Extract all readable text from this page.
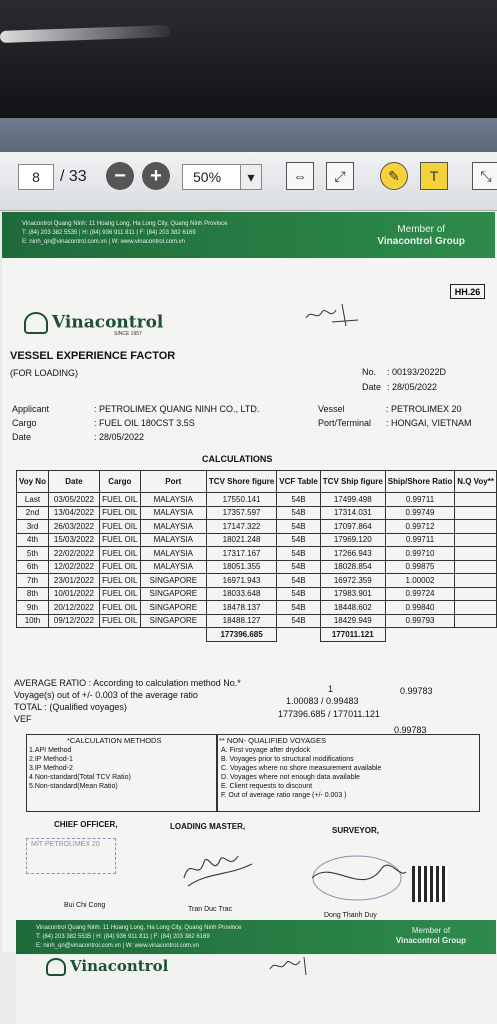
8	/ 33 − +	50%	▾	⇔ ⤢	✎ T	⤡
Vinacontrol Quang Ninh: 11 Hoang Long, Ha Long City, Quang Ninh Province
T: (84) 203 382 5535 | H: (84) 936 911 811 | F: (84) 203 382 6169
E: ninh_qn@vinacontrol.com.vn | W: www.vinacontrol.com.vn
Member of
Vinacontrol Group
HH.26
Vinacontrol
SINCE 1957
VESSEL EXPERIENCE FACTOR
(FOR LOADING)	No. : 00193/2022D
Date : 28/05/2022
Applicant	: PETROLIMEX QUANG NINH CO., LTD.
Cargo	: FUEL OIL 180CST 3.5S
Date	: 28/05/2022
Vessel	: PETROLIMEX 20
Port/Terminal : HONGAI, VIETNAM
CALCULATIONS
Voy No	Date	Cargo	Port	TCV Shore figure	VCF Table	TCV Ship figure	Ship/Shore Ratio	N.Q Voy**
Last	03/05/2022	FUEL OIL	MALAYSIA	17550.141	54B	17499.498	0.99711	
2nd	13/04/2022	FUEL OIL	MALAYSIA	17357.597	54B	17314.031	0.99749	
3rd	26/03/2022	FUEL OIL	MALAYSIA	17147.322	54B	17097.864	0.99712	
4th	15/03/2022	FUEL OIL	MALAYSIA	18021.248	54B	17969.120	0.99711	
5th	22/02/2022	FUEL OIL	MALAYSIA	17317.167	54B	17266.943	0.99710	
6th	12/02/2022	FUEL OIL	MALAYSIA	18051.355	54B	18028.854	0.99875	
7th	23/01/2022	FUEL OIL	SINGAPORE	16971.943	54B	16972.359	1.00002	
8th	10/01/2022	FUEL OIL	SINGAPORE	18033.648	54B	17983.901	0.99724	
9th	20/12/2022	FUEL OIL	SINGAPORE	18478.137	54B	18448.602	0.99840	
10th	09/12/2022	FUEL OIL	SINGAPORE	18488.127	54B	18429.949	0.99793	
				177396.685		177011.121		
AVERAGE RATIO : According to calculation method No.*
1	0.99783
Voyage(s) out of +/- 0.003 of the average ratio
1.00083 / 0.99483
TOTAL : (Qualified voyages)
177396.685 / 177011.121
VEF
0.99783
*CALCULATION METHODS
1.API Method
2.IP Method-1
3.IP Method-2
4.Non-standard(Total TCV Ratio)
5.Non-standard(Mean Ratio)
** NON- QUALIFIED VOYAGES
A. First voyage after drydock
B. Voyages prior to structural modifications
C. Voyages where no shore measurement available
D. Voyages where not enough data available
E. Client requests to discount
F. Out of average ratio range (+/- 0.003 )
CHIEF OFFICER,	LOADING MASTER,	SURVEYOR,
M/T PETROLIMEX 20
Bui Chi Cong
Tran Duc Trac
Dong Thanh Duy
Vinacontrol Quang Ninh: 11 Hoang Long, Ha Long City, Quang Ninh Province
T: (84) 203 382 5535 | H: (84) 936 911 811 | F: (84) 203 382 6169
E: ninh_qn@vinacontrol.com.vn | W: www.vinacontrol.com.vn
Member of
Vinacontrol Group
Vinacontrol
